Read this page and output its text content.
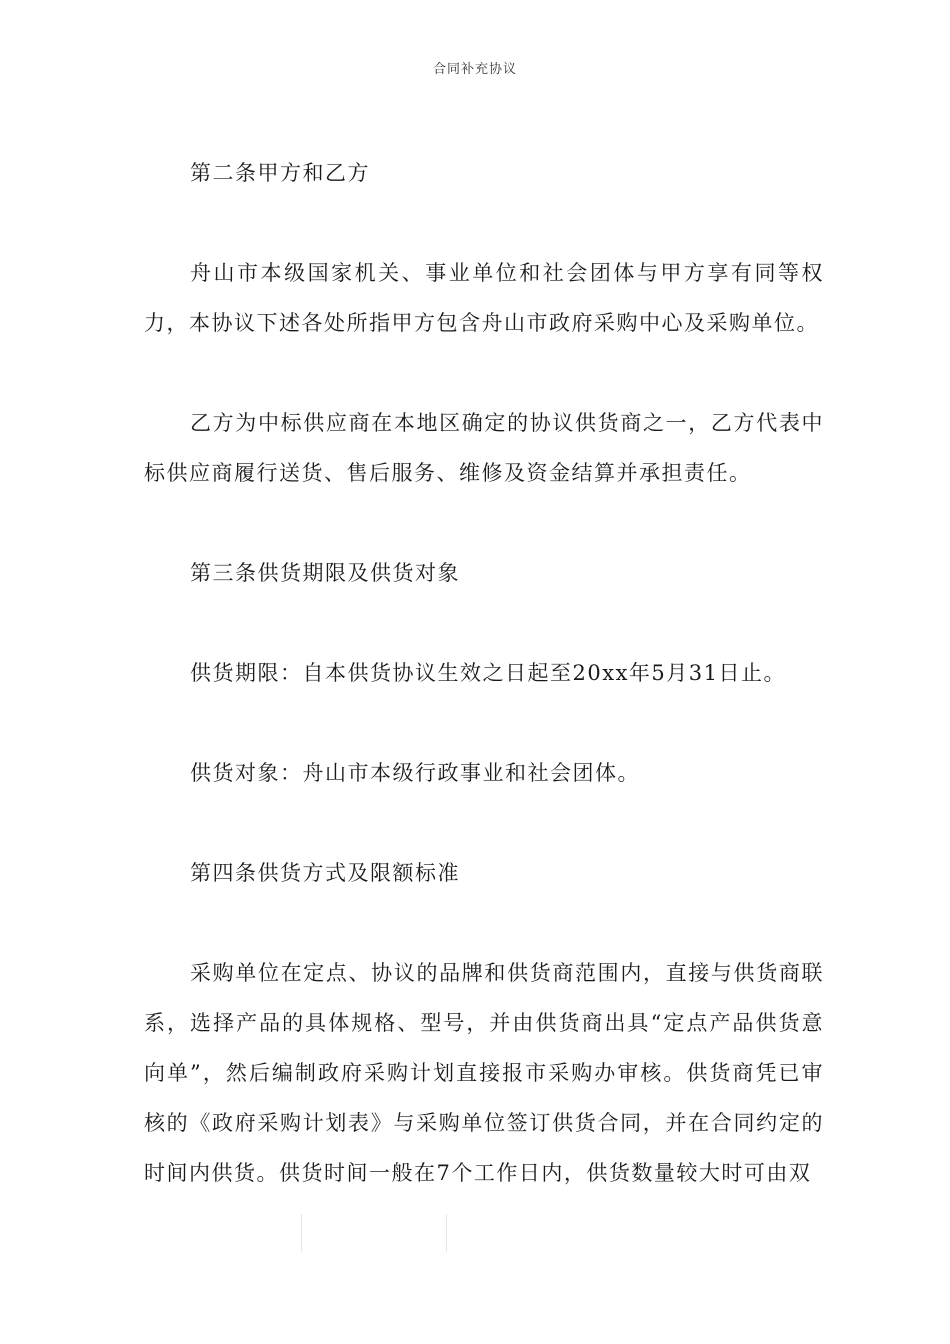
合同补充协议
第二条甲方和乙方
舟山市本级国家机关、事业单位和社会团体与甲方享有同等权力，本协议下述各处所指甲方包含舟山市政府采购中心及采购单位。
乙方为中标供应商在本地区确定的协议供货商之一，乙方代表中标供应商履行送货、售后服务、维修及资金结算并承担责任。
第三条供货期限及供货对象
供货期限：自本供货协议生效之日起至20xx年5月31日止。
供货对象：舟山市本级行政事业和社会团体。
第四条供货方式及限额标准
采购单位在定点、协议的品牌和供货商范围内，直接与供货商联系，选择产品的具体规格、型号，并由供货商出具“定点产品供货意向单”，然后编制政府采购计划直接报市采购办审核。供货商凭已审核的《政府采购计划表》与采购单位签订供货合同，并在合同约定的时间内供货。供货时间一般在7个工作日内，供货数量较大时可由双
